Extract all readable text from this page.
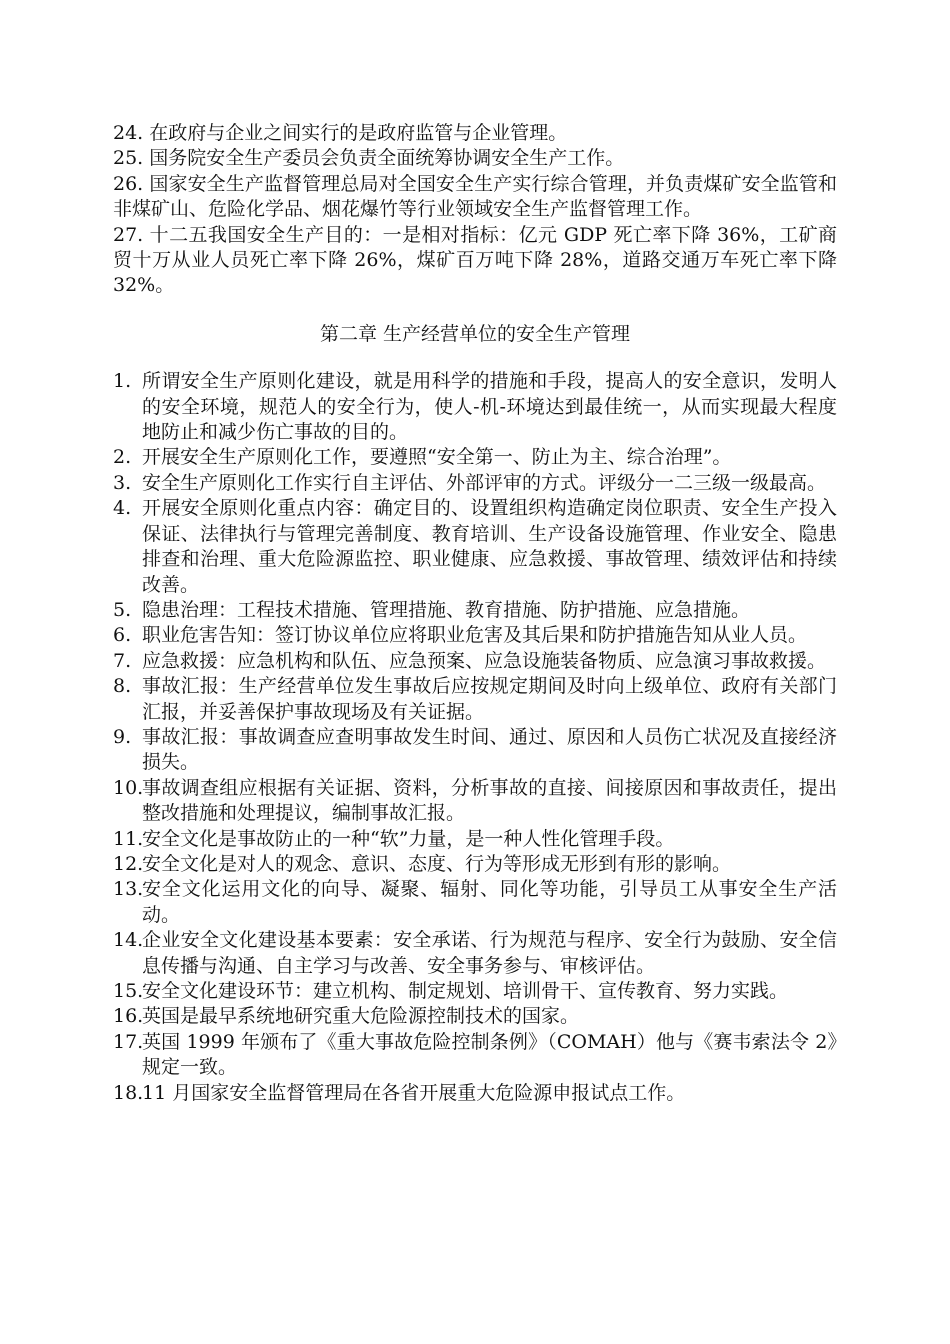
24. 在政府与企业之间实行的是政府监管与企业管理。
25. 国务院安全生产委员会负责全面统筹协调安全生产工作。
26. 国家安全生产监督管理总局对全国安全生产实行综合管理，并负责煤矿安全监管和非煤矿山、危险化学品、烟花爆竹等行业领域安全生产监督管理工作。
27. 十二五我国安全生产目的：一是相对指标：亿元 GDP 死亡率下降 36%，工矿商贸十万从业人员死亡率下降 26%，煤矿百万吨下降 28%，道路交通万车死亡率下降 32%。
第二章 生产经营单位的安全生产管理
1. 所谓安全生产原则化建设，就是用科学的措施和手段，提高人的安全意识，发明人的安全环境，规范人的安全行为，使人-机-环境达到最佳统一，从而实现最大程度地防止和减少伤亡事故的目的。
2. 开展安全生产原则化工作，要遵照“安全第一、防止为主、综合治理”。
3. 安全生产原则化工作实行自主评估、外部评审的方式。评级分一二三级一级最高。
4. 开展安全原则化重点内容：确定目的、设置组织构造确定岗位职责、安全生产投入保证、法律执行与管理完善制度、教育培训、生产设备设施管理、作业安全、隐患排查和治理、重大危险源监控、职业健康、应急救援、事故管理、绩效评估和持续改善。
5. 隐患治理：工程技术措施、管理措施、教育措施、防护措施、应急措施。
6. 职业危害告知：签订协议单位应将职业危害及其后果和防护措施告知从业人员。
7. 应急救援：应急机构和队伍、应急预案、应急设施装备物质、应急演习事故救援。
8. 事故汇报：生产经营单位发生事故后应按规定期间及时向上级单位、政府有关部门汇报，并妥善保护事故现场及有关证据。
9. 事故汇报：事故调查应查明事故发生时间、通过、原因和人员伤亡状况及直接经济损失。
10.
事故调查组应根据有关证据、资料，分析事故的直接、间接原因和事故责任，提出整改措施和处理提议，编制事故汇报。
11.
安全文化是事故防止的一种“软”力量，是一种人性化管理手段。
12.
安全文化是对人的观念、意识、态度、行为等形成无形到有形的影响。
13.
安全文化运用文化的向导、凝聚、辐射、同化等功能，引导员工从事安全生产活动。
14.
企业安全文化建设基本要素：安全承诺、行为规范与程序、安全行为鼓励、安全信息传播与沟通、自主学习与改善、安全事务参与、审核评估。
15.
安全文化建设环节：建立机构、制定规划、培训骨干、宣传教育、努力实践。
16.
英国是最早系统地研究重大危险源控制技术的国家。
17.
英国 1999 年颁布了《重大事故危险控制条例》（COMAH）他与《赛韦索法令 2》规定一致。
18.
11 月国家安全监督管理局在各省开展重大危险源申报试点工作。
